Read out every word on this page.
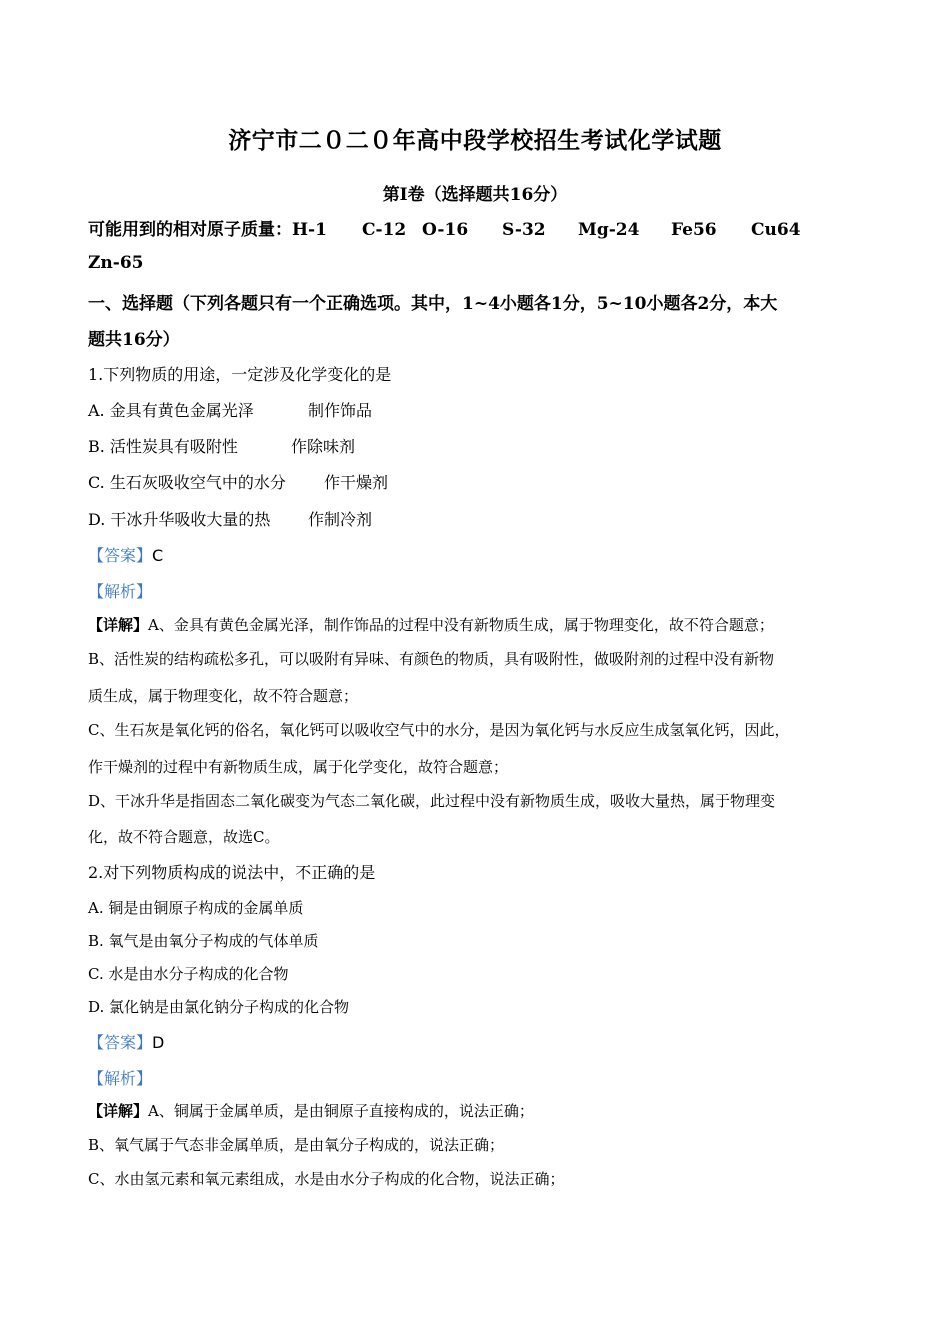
济宁市二０二０年高中段学校招生考试化学试题
第I卷（选择题共16分）
可能用到的相对原子质量：H-1 C-12 O-16 S-32 Mg-24 Fe56 Cu64
Zn-65
一、选择题（下列各题只有一个正确选项。其中，1~4小题各1分，5~10小题各2分，本大
题共16分）
1.下列物质的用途，一定涉及化学变化的是
A. 金具有黄色金属光泽	制作饰品
B. 活性炭具有吸附性	作除味剂
C. 生石灰吸收空气中的水分 作干燥剂
D. 干冰升华吸收大量的热 作制冷剂
【答案】C
【解析】
【详解】A、金具有黄色金属光泽，制作饰品的过程中没有新物质生成，属于物理变化，故不符合题意；
B、活性炭的结构疏松多孔，可以吸附有异味、有颜色的物质，具有吸附性，做吸附剂的过程中没有新物
质生成，属于物理变化，故不符合题意；
C、生石灰是氧化钙的俗名，氧化钙可以吸收空气中的水分，是因为氧化钙与水反应生成氢氧化钙，因此，
作干燥剂的过程中有新物质生成，属于化学变化，故符合题意；
D、干冰升华是指固态二氧化碳变为气态二氧化碳，此过程中没有新物质生成，吸收大量热，属于物理变
化，故不符合题意，故选C。
2.对下列物质构成的说法中，不正确的是
A. 铜是由铜原子构成的金属单质
B. 氧气是由氧分子构成的气体单质
C. 水是由水分子构成的化合物
D. 氯化钠是由氯化钠分子构成的化合物
【答案】D
【解析】
【详解】A、铜属于金属单质，是由铜原子直接构成的，说法正确；
B、氧气属于气态非金属单质，是由氧分子构成的，说法正确；
C、水由氢元素和氧元素组成，水是由水分子构成的化合物，说法正确；
